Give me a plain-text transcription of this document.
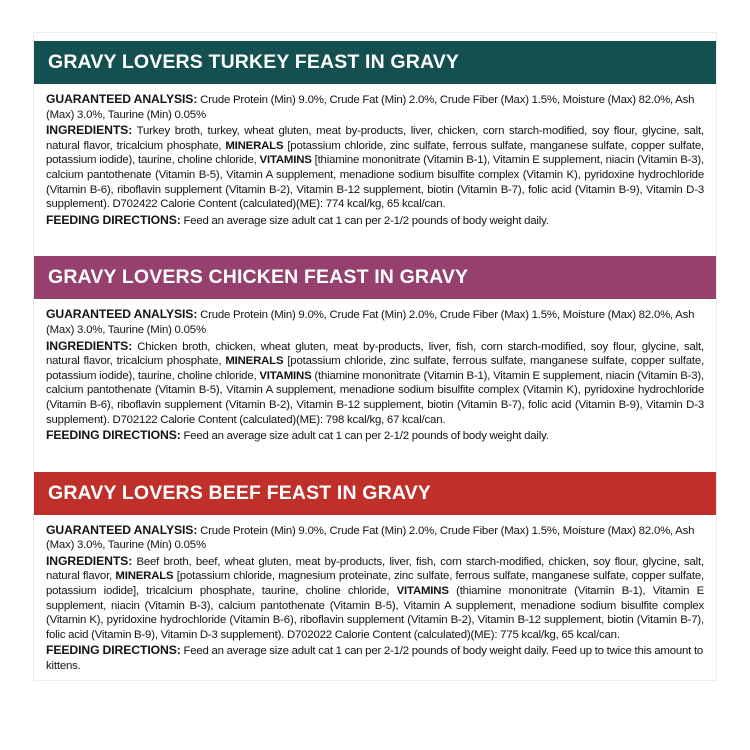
GRAVY LOVERS TURKEY FEAST IN GRAVY

GUARANTEED ANALYSIS: Crude Protein (Min) 9.0%, Crude Fat (Min) 2.0%, Crude Fiber (Max) 1.5%, Moisture (Max) 82.0%, Ash (Max) 3.0%, Taurine (Min) 0.05%

INGREDIENTS: Turkey broth, turkey, wheat gluten, meat by-products, liver, chicken, corn starch-modified, soy flour, glycine, salt, natural flavor, tricalcium phosphate, MINERALS [potassium chloride, zinc sulfate, ferrous sulfate, manganese sulfate, copper sulfate, potassium iodide), taurine, choline chloride, VITAMINS [thiamine mononitrate (Vitamin B-1), Vitamin E supplement, niacin (Vitamin B-3), calcium pantothenate (Vitamin B-5), Vitamin A supplement, menadione sodium bisulfite complex (Vitamin K), pyridoxine hydrochloride (Vitamin B-6), riboflavin supplement (Vitamin B-2), Vitamin B-12 supplement, biotin (Vitamin B-7), folic acid (Vitamin B-9), Vitamin D-3 supplement). D702422 Calorie Content (calculated)(ME): 774 kcal/kg, 65 kcal/can.

FEEDING DIRECTIONS: Feed an average size adult cat 1 can per 2-1/2 pounds of body weight daily.

GRAVY LOVERS CHICKEN FEAST IN GRAVY

GUARANTEED ANALYSIS: Crude Protein (Min) 9.0%, Crude Fat (Min) 2.0%, Crude Fiber (Max) 1.5%, Moisture (Max) 82.0%, Ash (Max) 3.0%, Taurine (Min) 0.05%

INGREDIENTS: Chicken broth, chicken, wheat gluten, meat by-products, liver, fish, corn starch-modified, soy flour, glycine, salt, natural flavor, tricalcium phosphate, MINERALS [potassium chloride, zinc sulfate, ferrous sulfate, manganese sulfate, copper sulfate, potassium iodide), taurine, choline chloride, VITAMINS (thiamine mononitrate (Vitamin B-1), Vitamin E supplement, niacin (Vitamin B-3), calcium pantothenate (Vitamin B-5), Vitamin A supplement, menadione sodium bisulfite complex (Vitamin K), pyridoxine hydrochloride (Vitamin B-6), riboflavin supplement (Vitamin B-2), Vitamin B-12 supplement, biotin (Vitamin B-7), folic acid (Vitamin B-9), Vitamin D-3 supplement). D702122 Calorie Content (calculated)(ME): 798 kcal/kg, 67 kcal/can.

FEEDING DIRECTIONS: Feed an average size adult cat 1 can per 2-1/2 pounds of body weight daily.

GRAVY LOVERS BEEF FEAST IN GRAVY

GUARANTEED ANALYSIS: Crude Protein (Min) 9.0%, Crude Fat (Min) 2.0%, Crude Fiber (Max) 1.5%, Moisture (Max) 82.0%, Ash (Max) 3.0%, Taurine (Min) 0.05%

INGREDIENTS: Beef broth, beef, wheat gluten, meat by-products, liver, fish, corn starch-modified, chicken, soy flour, glycine, salt, natural flavor, MINERALS [potassium chloride, magnesium proteinate, zinc sulfate, ferrous sulfate, manganese sulfate, copper sulfate, potassium iodide], tricalcium phosphate, taurine, choline chloride, VITAMINS (thiamine mononitrate (Vitamin B-1), Vitamin E supplement, niacin (Vitamin B-3), calcium pantothenate (Vitamin B-5), Vitamin A supplement, menadione sodium bisulfite complex (Vitamin K), pyridoxine hydrochloride (Vitamin B-6), riboflavin supplement (Vitamin B-2), Vitamin B-12 supplement, biotin (Vitamin B-7), folic acid (Vitamin B-9), Vitamin D-3 supplement). D702022 Calorie Content (calculated)(ME): 775 kcal/kg, 65 kcal/can.

FEEDING DIRECTIONS: Feed an average size adult cat 1 can per 2-1/2 pounds of body weight daily. Feed up to twice this amount to kittens.
